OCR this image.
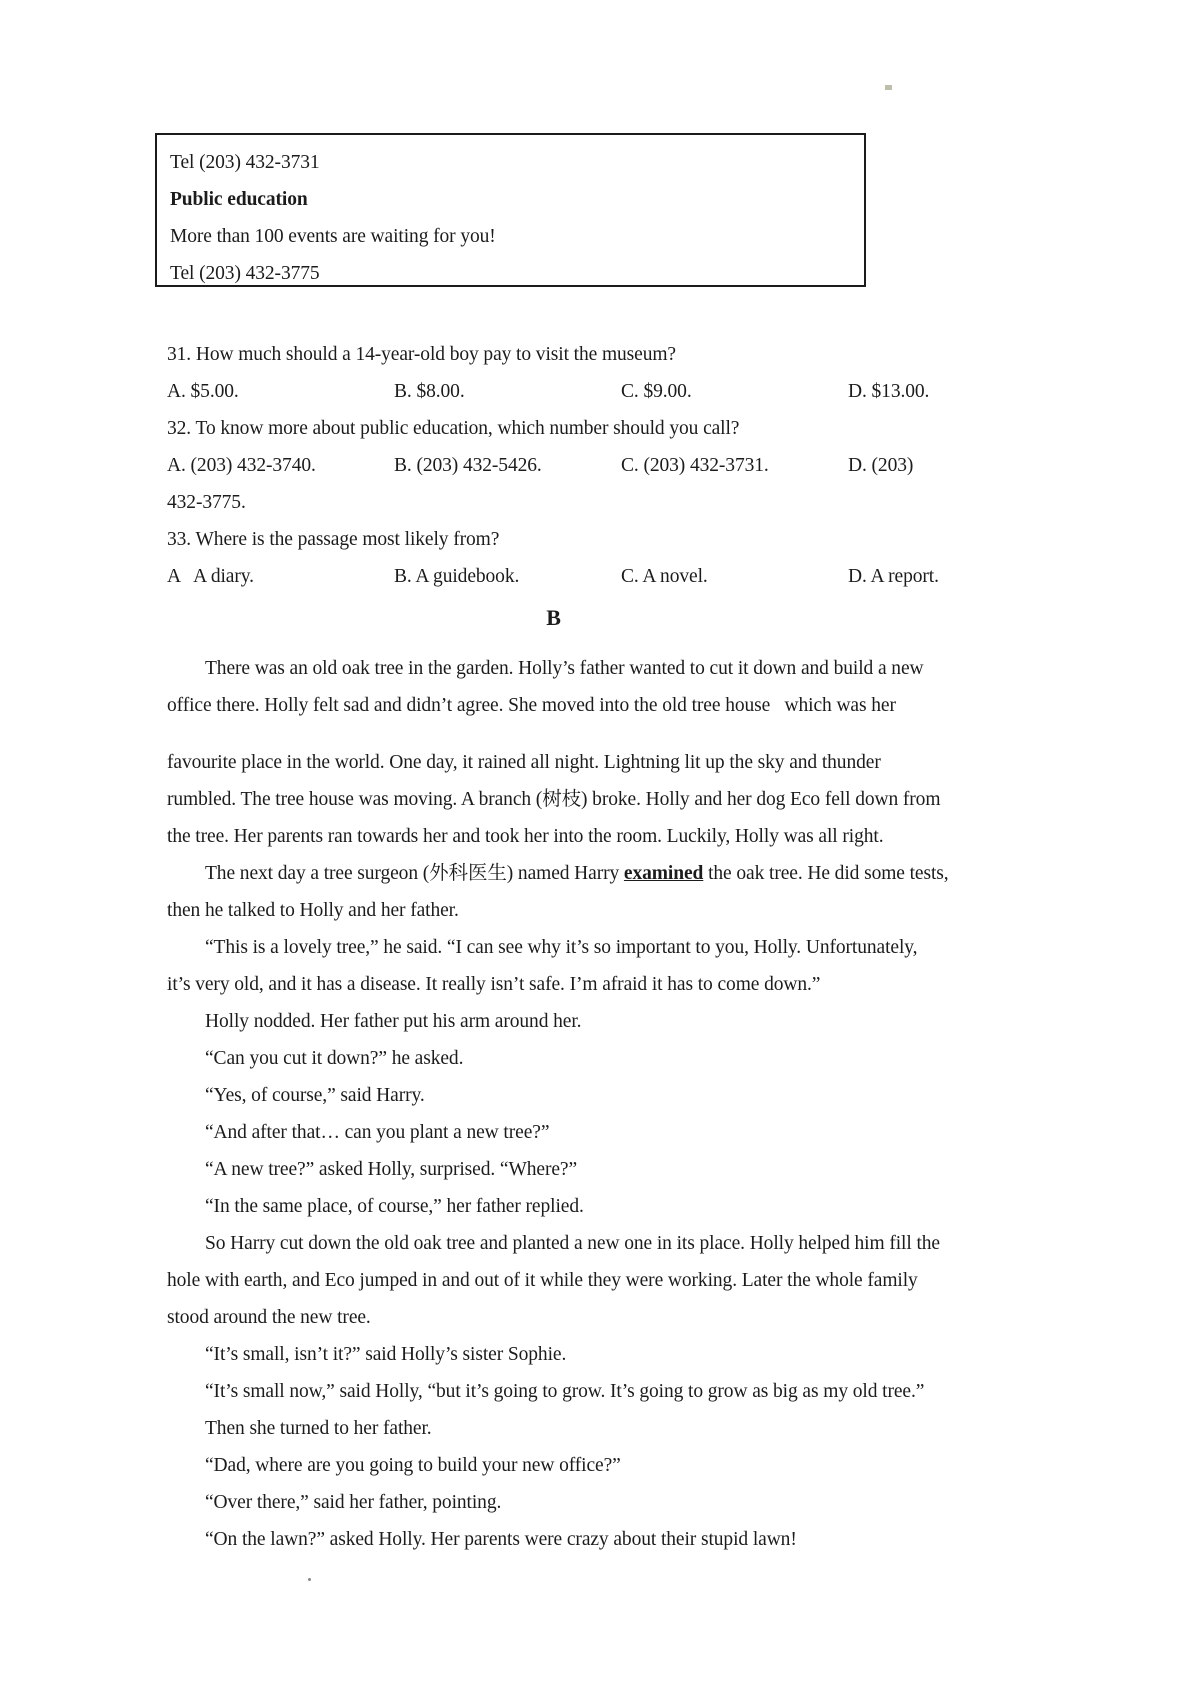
Tel (203) 432-3731
Public education
More than 100 events are waiting for you!
Tel (203) 432-3775
31. How much should a 14-year-old boy pay to visit the museum?
A. $5.00.	B. $8.00.	C. $9.00.	D. $13.00.
32. To know more about public education, which number should you call?
A. (203) 432-3740.	B. (203) 432-5426.	C. (203) 432-3731.	D. (203)
432-3775.
33. Where is the passage most likely from?
A   A diary.	B. A guidebook.	C. A novel.	D. A report.
B
There was an old oak tree in the garden. Holly’s father wanted to cut it down and build a new
office there. Holly felt sad and didn’t agree. She moved into the old tree house   which was her
favourite place in the world. One day, it rained all night. Lightning lit up the sky and thunder
rumbled. The tree house was moving. A branch (树枝) broke. Holly and her dog Eco fell down from
the tree. Her parents ran towards her and took her into the room. Luckily, Holly was all right.
The next day a tree surgeon (外科医生) named Harry examined the oak tree. He did some tests,
then he talked to Holly and her father.
“This is a lovely tree,” he said. “I can see why it’s so important to you, Holly. Unfortunately,
it’s very old, and it has a disease. It really isn’t safe. I’m afraid it has to come down.”
Holly nodded. Her father put his arm around her.
“Can you cut it down?” he asked.
“Yes, of course,” said Harry.
“And after that… can you plant a new tree?”
“A new tree?” asked Holly, surprised. “Where?”
“In the same place, of course,” her father replied.
So Harry cut down the old oak tree and planted a new one in its place. Holly helped him fill the
hole with earth, and Eco jumped in and out of it while they were working. Later the whole family
stood around the new tree.
“It’s small, isn’t it?” said Holly’s sister Sophie.
“It’s small now,” said Holly, “but it’s going to grow. It’s going to grow as big as my old tree.”
Then she turned to her father.
“Dad, where are you going to build your new office?”
“Over there,” said her father, pointing.
“On the lawn?” asked Holly. Her parents were crazy about their stupid lawn!
